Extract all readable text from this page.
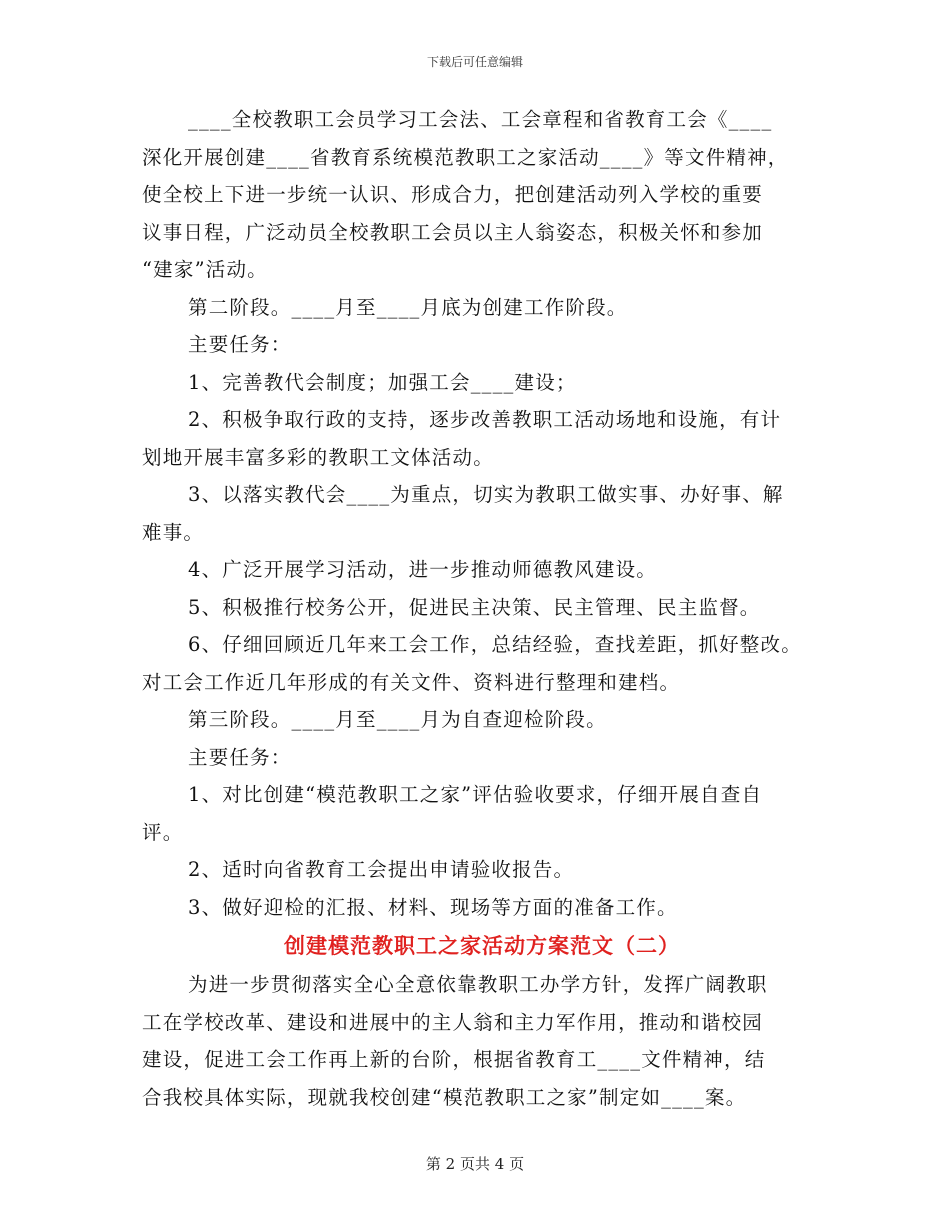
下载后可任意编辑
____全校教职工会员学习工会法、工会章程和省教育工会《____
深化开展创建____省教育系统模范教职工之家活动____》等文件精神，
使全校上下进一步统一认识、形成合力，把创建活动列入学校的重要
议事日程，广泛动员全校教职工会员以主人翁姿态，积极关怀和参加
“建家”活动。
第二阶段。____月至____月底为创建工作阶段。
主要任务：
1、完善教代会制度；加强工会____建设；
2、积极争取行政的支持，逐步改善教职工活动场地和设施，有计
划地开展丰富多彩的教职工文体活动。
3、以落实教代会____为重点，切实为教职工做实事、办好事、解
难事。
4、广泛开展学习活动，进一步推动师德教风建设。
5、积极推行校务公开，促进民主决策、民主管理、民主监督。
6、仔细回顾近几年来工会工作，总结经验，查找差距，抓好整改。
对工会工作近几年形成的有关文件、资料进行整理和建档。
第三阶段。____月至____月为自查迎检阶段。
主要任务：
1、对比创建“模范教职工之家”评估验收要求，仔细开展自查自
评。
2、适时向省教育工会提出申请验收报告。
3、做好迎检的汇报、材料、现场等方面的准备工作。
创建模范教职工之家活动方案范文（二）
为进一步贯彻落实全心全意依靠教职工办学方针，发挥广阔教职
工在学校改革、建设和进展中的主人翁和主力军作用，推动和谐校园
建设，促进工会工作再上新的台阶，根据省教育工____文件精神，结
合我校具体实际，现就我校创建“模范教职工之家”制定如____案。
第 2 页共 4 页
